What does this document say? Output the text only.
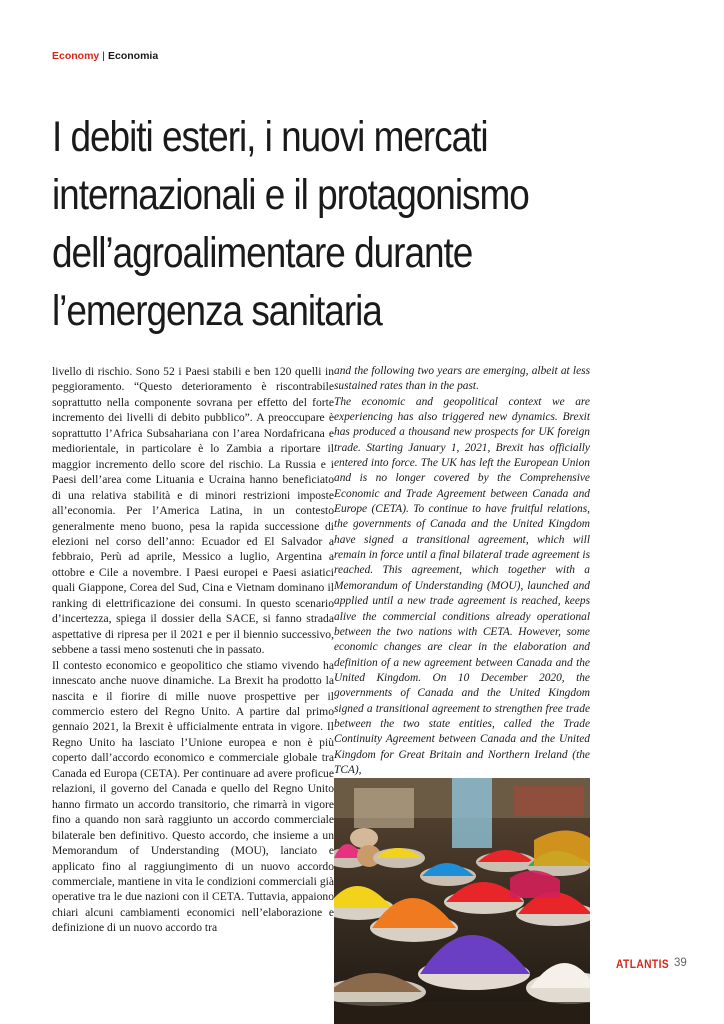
Economy | Economia
I debiti esteri, i nuovi mercati
internazionali e il protagonismo
dell’agroalimentare durante
l’emergenza sanitaria

livello di rischio. Sono 52 i Paesi stabili e ben 120 quelli in peggioramento. “Questo deterioramento è riscontrabile soprattutto nella componente sovrana per effetto del forte incremento dei livelli di debito pubblico”. A preoccupare è soprattutto l’Africa Subsahariana con l’area Nordafricana e mediorientale, in particolare è lo Zambia a riportare il maggior incremento dello score del rischio. La Russia e i Paesi dell’area come Lituania e Ucraina hanno beneficiato di una relativa stabilità e di minori restrizioni imposte all’economia. Per l’America Latina, in un contesto generalmente meno buono, pesa la rapida successione di elezioni nel corso dell’anno: Ecuador ed El Salvador a febbraio, Perù ad aprile, Messico a luglio, Argentina a ottobre e Cile a novembre. I Paesi europei e Paesi asiatici quali Giappone, Corea del Sud, Cina e Vietnam dominano il ranking di elettrificazione dei consumi. In questo scenario d’incertezza, spiega il dossier della SACE, si fanno strada aspettative di ripresa per il 2021 e per il biennio successivo, sebbene a tassi meno sostenuti che in passato.

Il contesto economico e geopolitico che stiamo vivendo ha innescato anche nuove dinamiche. La Brexit ha prodotto la nascita e il fiorire di mille nuove prospettive per il commercio estero del Regno Unito. A partire dal primo gennaio 2021, la Brexit è ufficialmente entrata in vigore. Il Regno Unito ha lasciato l’Unione europea e non è più coperto dall’accordo economico e commerciale globale tra Canada ed Europa (CETA). Per continuare ad avere proficue relazioni, il governo del Canada e quello del Regno Unito hanno firmato un accordo transitorio, che rimarrà in vigore fino a quando non sarà raggiunto un accordo commerciale bilaterale ben definitivo. Questo accordo, che insieme a un Memorandum of Understanding (MOU), lanciato e applicato fino al raggiungimento di un nuovo accordo commerciale, mantiene in vita le condizioni commerciali già operative tra le due nazioni con il CETA. Tuttavia, appaiono chiari alcuni cambiamenti economici nell’elaborazione e definizione di un nuovo accordo tra

and the following two years are emerging, albeit at less sustained rates than in the past.

The economic and geopolitical context we are experiencing has also triggered new dynamics. Brexit has produced a thousand new prospects for UK foreign trade. Starting January 1, 2021, Brexit has officially entered into force. The UK has left the European Union and is no longer covered by the Comprehensive Economic and Trade Agreement between Canada and Europe (CETA). To continue to have fruitful relations, the governments of Canada and the United Kingdom have signed a transitional agreement, which will remain in force until a final bilateral trade agreement is reached. This agreement, which together with a Memorandum of Understanding (MOU), launched and applied until a new trade agreement is reached, keeps alive the commercial conditions already operational between the two nations with CETA. However, some economic changes are clear in the elaboration and definition of a new agreement between Canada and the United Kingdom. On 10 December 2020, the governments of Canada and the United Kingdom signed a transitional agreement to strengthen free trade between the two state entities, called the Trade Continuity Agreement between Canada and the United Kingdom for Great Britain and Northern Ireland (the TCA),

ATLANTIS 39
